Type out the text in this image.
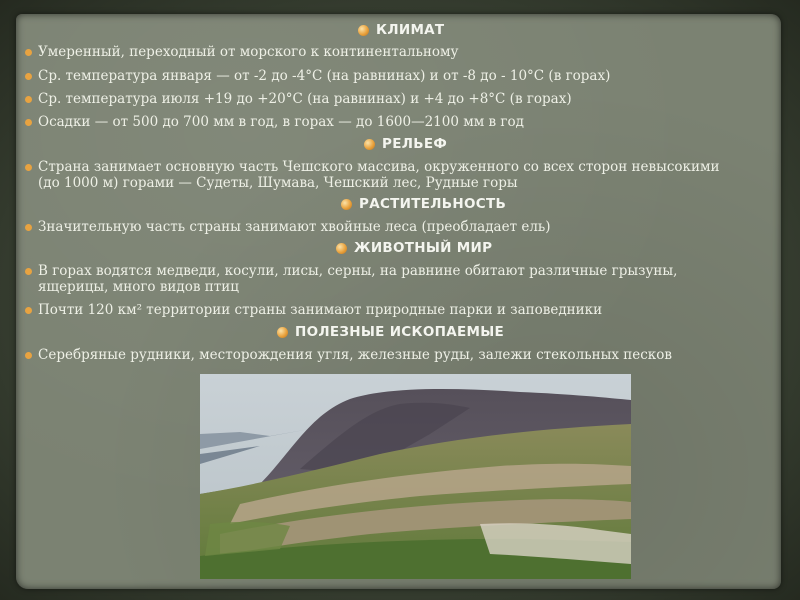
КЛИМАТ
Умеренный, переходный от морского к континентальному
Ср. температура января — от -2 до -4°С (на равнинах) и от -8 до - 10°С (в горах)
Ср. температура июля +19 до +20°С (на равнинах) и +4 до +8°С (в горах)
Осадки — от 500 до 700 мм в год, в горах — до 1600—2100 мм в год
РЕЛЬЕФ
Страна занимает основную часть Чешского массива, окруженного со всех сторон невысокими
(до 1000 м) горами — Судеты, Шумава, Чешский лес, Рудные горы
РАСТИТЕЛЬНОСТЬ
Значительную часть страны занимают хвойные леса (преобладает ель)
ЖИВОТНЫЙ МИР
В горах водятся медведи, косули, лисы, серны, на равнине обитают различные грызуны,
ящерицы, много видов птиц
Почти 120 км² территории страны занимают природные парки и заповедники
ПОЛЕЗНЫЕ ИСКОПАЕМЫЕ
Серебряные рудники, месторождения угля, железные руды, залежи стекольных песков
